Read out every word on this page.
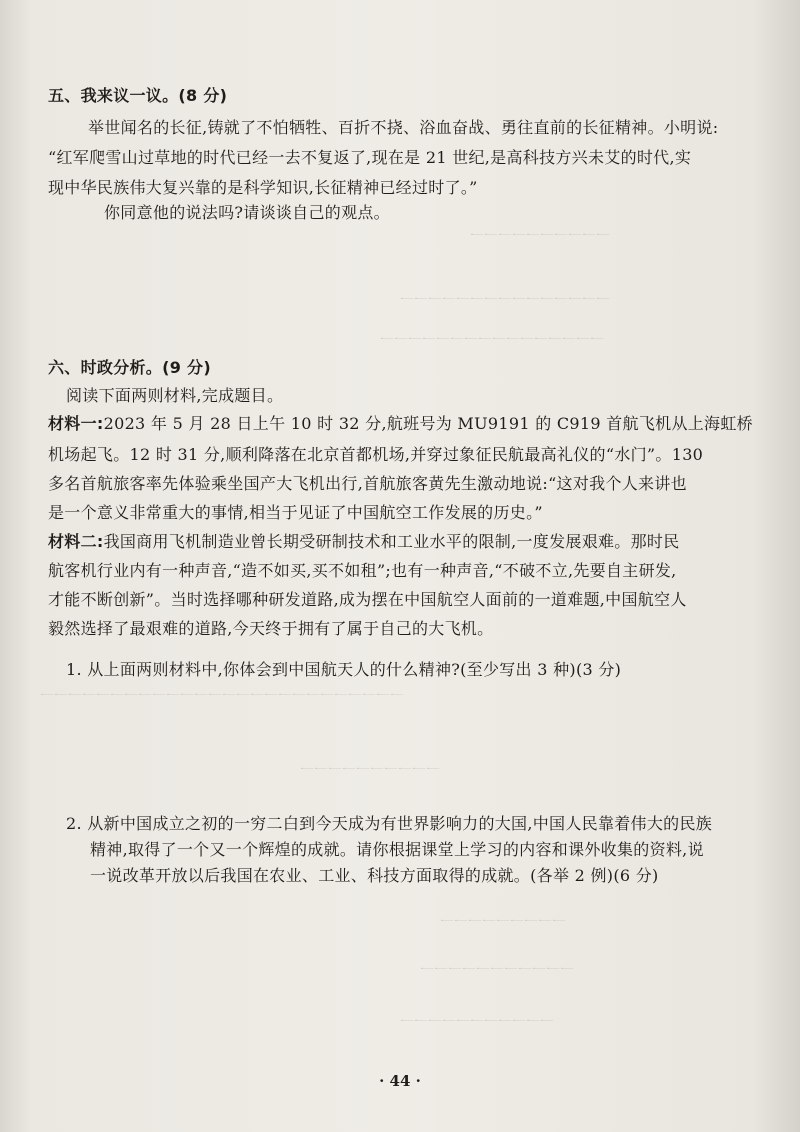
一一一一一一一一一一
一一一一一一一一一一一一一一一
一一一一一一一一一一一一一一一一
一一一一一一一一一一一一一一一一一一一一一一一一一一
一一一一一一一一一一
一一一一一一一一一
一一一一一一一一一一一
一一一一一一一一一一一
五、我来议一议。(8 分)
举世闻名的长征,铸就了不怕牺牲、百折不挠、浴血奋战、勇往直前的长征精神。小明说:
“红军爬雪山过草地的时代已经一去不复返了,现在是 21 世纪,是高科技方兴未艾的时代,实
现中华民族伟大复兴靠的是科学知识,长征精神已经过时了。”
你同意他的说法吗?请谈谈自己的观点。
六、时政分析。(9 分)
阅读下面两则材料,完成题目。
材料一:2023 年 5 月 28 日上午 10 时 32 分,航班号为 MU9191 的 C919 首航飞机从上海虹桥
机场起飞。12 时 31 分,顺利降落在北京首都机场,并穿过象征民航最高礼仪的“水门”。130
多名首航旅客率先体验乘坐国产大飞机出行,首航旅客黄先生激动地说:“这对我个人来讲也
是一个意义非常重大的事情,相当于见证了中国航空工作发展的历史。”
材料二:我国商用飞机制造业曾长期受研制技术和工业水平的限制,一度发展艰难。那时民
航客机行业内有一种声音,“造不如买,买不如租”;也有一种声音,“不破不立,先要自主研发,
才能不断创新”。当时选择哪种研发道路,成为摆在中国航空人面前的一道难题,中国航空人
毅然选择了最艰难的道路,今天终于拥有了属于自己的大飞机。
1. 从上面两则材料中,你体会到中国航天人的什么精神?(至少写出 3 种)(3 分)
2. 从新中国成立之初的一穷二白到今天成为有世界影响力的大国,中国人民靠着伟大的民族
精神,取得了一个又一个辉煌的成就。请你根据课堂上学习的内容和课外收集的资料,说
一说改革开放以后我国在农业、工业、科技方面取得的成就。(各举 2 例)(6 分)
· 44 ·
